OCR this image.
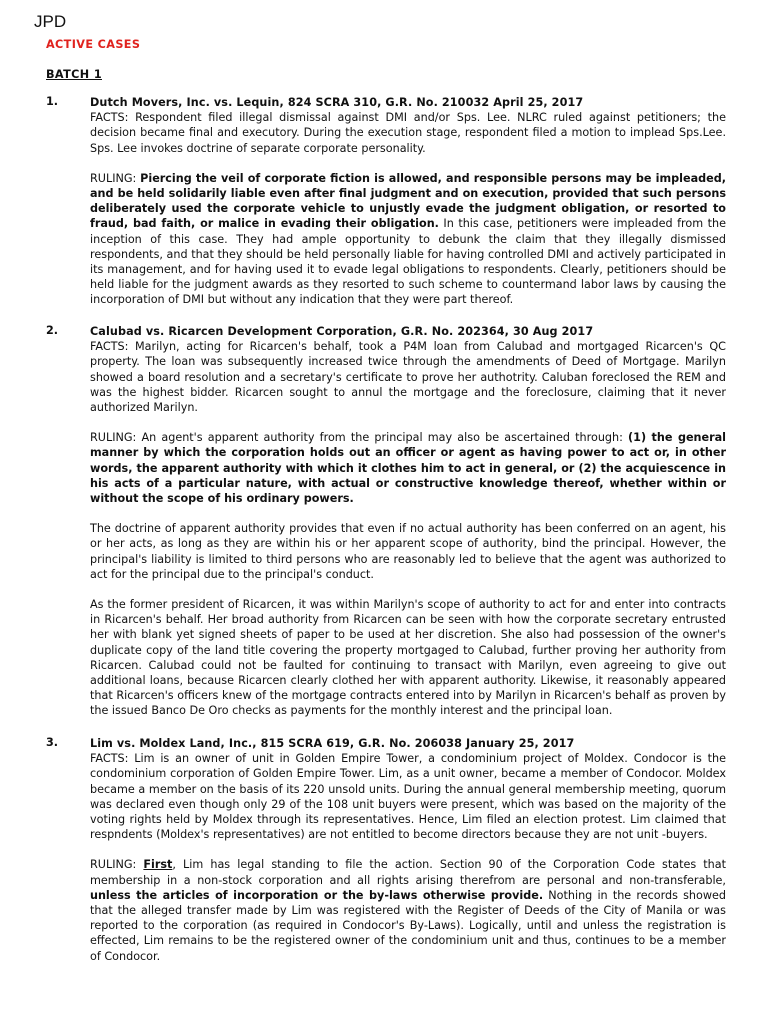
JPD
ACTIVE CASES
BATCH 1
1.	Dutch Movers, Inc. vs. Lequin, 824 SCRA 310, G.R. No. 210032 April 25, 2017

FACTS: Respondent filed illegal dismissal against DMI and/or Sps. Lee. NLRC ruled against petitioners; the decision became final and executory. During the execution stage, respondent filed a motion to implead Sps.Lee. Sps. Lee invokes doctrine of separate corporate personality.

RULING: Piercing the veil of corporate fiction is allowed, and responsible persons may be impleaded, and be held solidarily liable even after final judgment and on execution, provided that such persons deliberately used the corporate vehicle to unjustly evade the judgment obligation, or resorted to fraud, bad faith, or malice in evading their obligation. In this case, petitioners were impleaded from the inception of this case. They had ample opportunity to debunk the claim that they illegally dismissed respondents, and that they should be held personally liable for having controlled DMI and actively participated in its management, and for having used it to evade legal obligations to respondents. Clearly, petitioners should be held liable for the judgment awards as they resorted to such scheme to countermand labor laws by causing the incorporation of DMI but without any indication that they were part thereof.

2.	Calubad vs. Ricarcen Development Corporation, G.R. No. 202364, 30 Aug 2017

FACTS: Marilyn, acting for Ricarcen's behalf, took a P4M loan from Calubad and mortgaged Ricarcen's QC property. The loan was subsequently increased twice through the amendments of Deed of Mortgage. Marilyn showed a board resolution and a secretary's certificate to prove her authotrity. Caluban foreclosed the REM and was the highest bidder. Ricarcen sought to annul the mortgage and the foreclosure, claiming that it never authorized Marilyn.

RULING: An agent's apparent authority from the principal may also be ascertained through: (1) the general manner by which the corporation holds out an officer or agent as having power to act or, in other words, the apparent authority with which it clothes him to act in general, or (2) the acquiescence in his acts of a particular nature, with actual or constructive knowledge thereof, whether within or without the scope of his ordinary powers.

The doctrine of apparent authority provides that even if no actual authority has been conferred on an agent, his or her acts, as long as they are within his or her apparent scope of authority, bind the principal. However, the principal's liability is limited to third persons who are reasonably led to believe that the agent was authorized to act for the principal due to the principal's conduct.

As the former president of Ricarcen, it was within Marilyn's scope of authority to act for and enter into contracts in Ricarcen's behalf. Her broad authority from Ricarcen can be seen with how the corporate secretary entrusted her with blank yet signed sheets of paper to be used at her discretion. She also had possession of the owner's duplicate copy of the land title covering the property mortgaged to Calubad, further proving her authority from Ricarcen. Calubad could not be faulted for continuing to transact with Marilyn, even agreeing to give out additional loans, because Ricarcen clearly clothed her with apparent authority. Likewise, it reasonably appeared that Ricarcen's officers knew of the mortgage contracts entered into by Marilyn in Ricarcen's behalf as proven by the issued Banco De Oro checks as payments for the monthly interest and the principal loan.

3.	Lim vs. Moldex Land, Inc., 815 SCRA 619, G.R. No. 206038 January 25, 2017

FACTS: Lim is an owner of unit in Golden Empire Tower, a condominium project of Moldex. Condocor is the condominium corporation of Golden Empire Tower. Lim, as a unit owner, became a member of Condocor. Moldex became a member on the basis of its 220 unsold units. During the annual general membership meeting, quorum was declared even though only 29 of the 108 unit buyers were present, which was based on the majority of the voting rights held by Moldex through its representatives. Hence, Lim filed an election protest. Lim claimed that respndents (Moldex's representatives) are not entitled to become directors because they are not unit -buyers.

RULING: First, Lim has legal standing to file the action. Section 90 of the Corporation Code states that membership in a non-stock corporation and all rights arising therefrom are personal and non-transferable, unless the articles of incorporation or the by-laws otherwise provide. Nothing in the records showed that the alleged transfer made by Lim was registered with the Register of Deeds of the City of Manila or was reported to the corporation (as required in Condocor's By-Laws). Logically, until and unless the registration is effected, Lim remains to be the registered owner of the condominium unit and thus, continues to be a member of Condocor.
